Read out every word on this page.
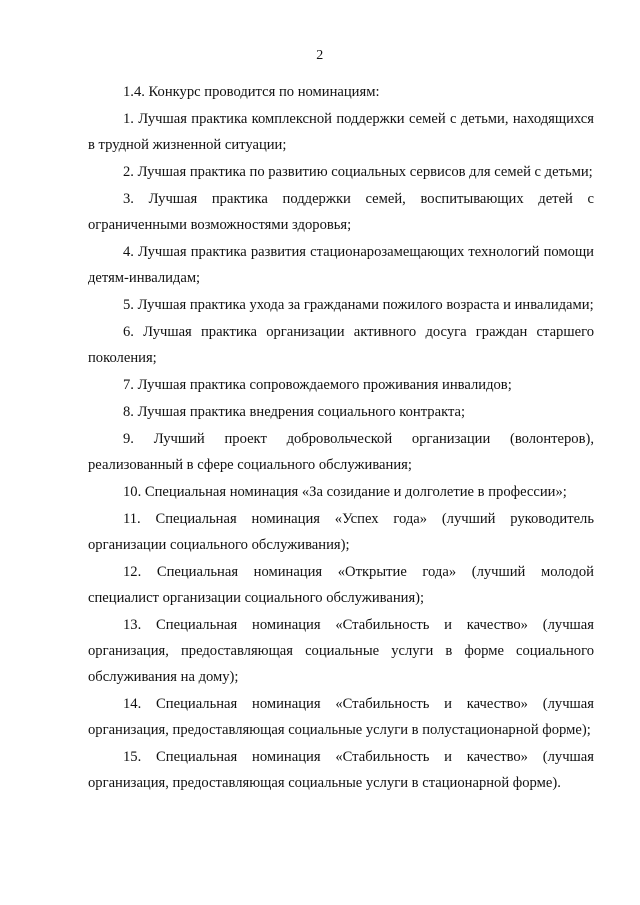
2

1.4. Конкурс проводится по номинациям:

1. Лучшая практика комплексной поддержки семей с детьми, находящихся в трудной жизненной ситуации;

2. Лучшая практика по развитию социальных сервисов для семей с детьми;

3. Лучшая практика поддержки семей, воспитывающих детей с ограниченными возможностями здоровья;

4. Лучшая практика развития стационарозамещающих технологий помощи детям-инвалидам;

5. Лучшая практика ухода за гражданами пожилого возраста и инвалидами;

6. Лучшая практика организации активного досуга граждан старшего поколения;

7. Лучшая практика сопровождаемого проживания инвалидов;

8. Лучшая практика внедрения социального контракта;

9. Лучший проект добровольческой организации (волонтеров), реализованный в сфере социального обслуживания;

10. Специальная номинация «За созидание и долголетие в профессии»;

11. Специальная номинация «Успех года» (лучший руководитель организации социального обслуживания);

12. Специальная номинация «Открытие года» (лучший молодой специалист организации социального обслуживания);

13. Специальная номинация «Стабильность и качество» (лучшая организация, предоставляющая социальные услуги в форме социального обслуживания на дому);

14. Специальная номинация «Стабильность и качество» (лучшая организация, предоставляющая социальные услуги в полустационарной форме);

15. Специальная номинация «Стабильность и качество» (лучшая организация, предоставляющая социальные услуги в стационарной форме).
